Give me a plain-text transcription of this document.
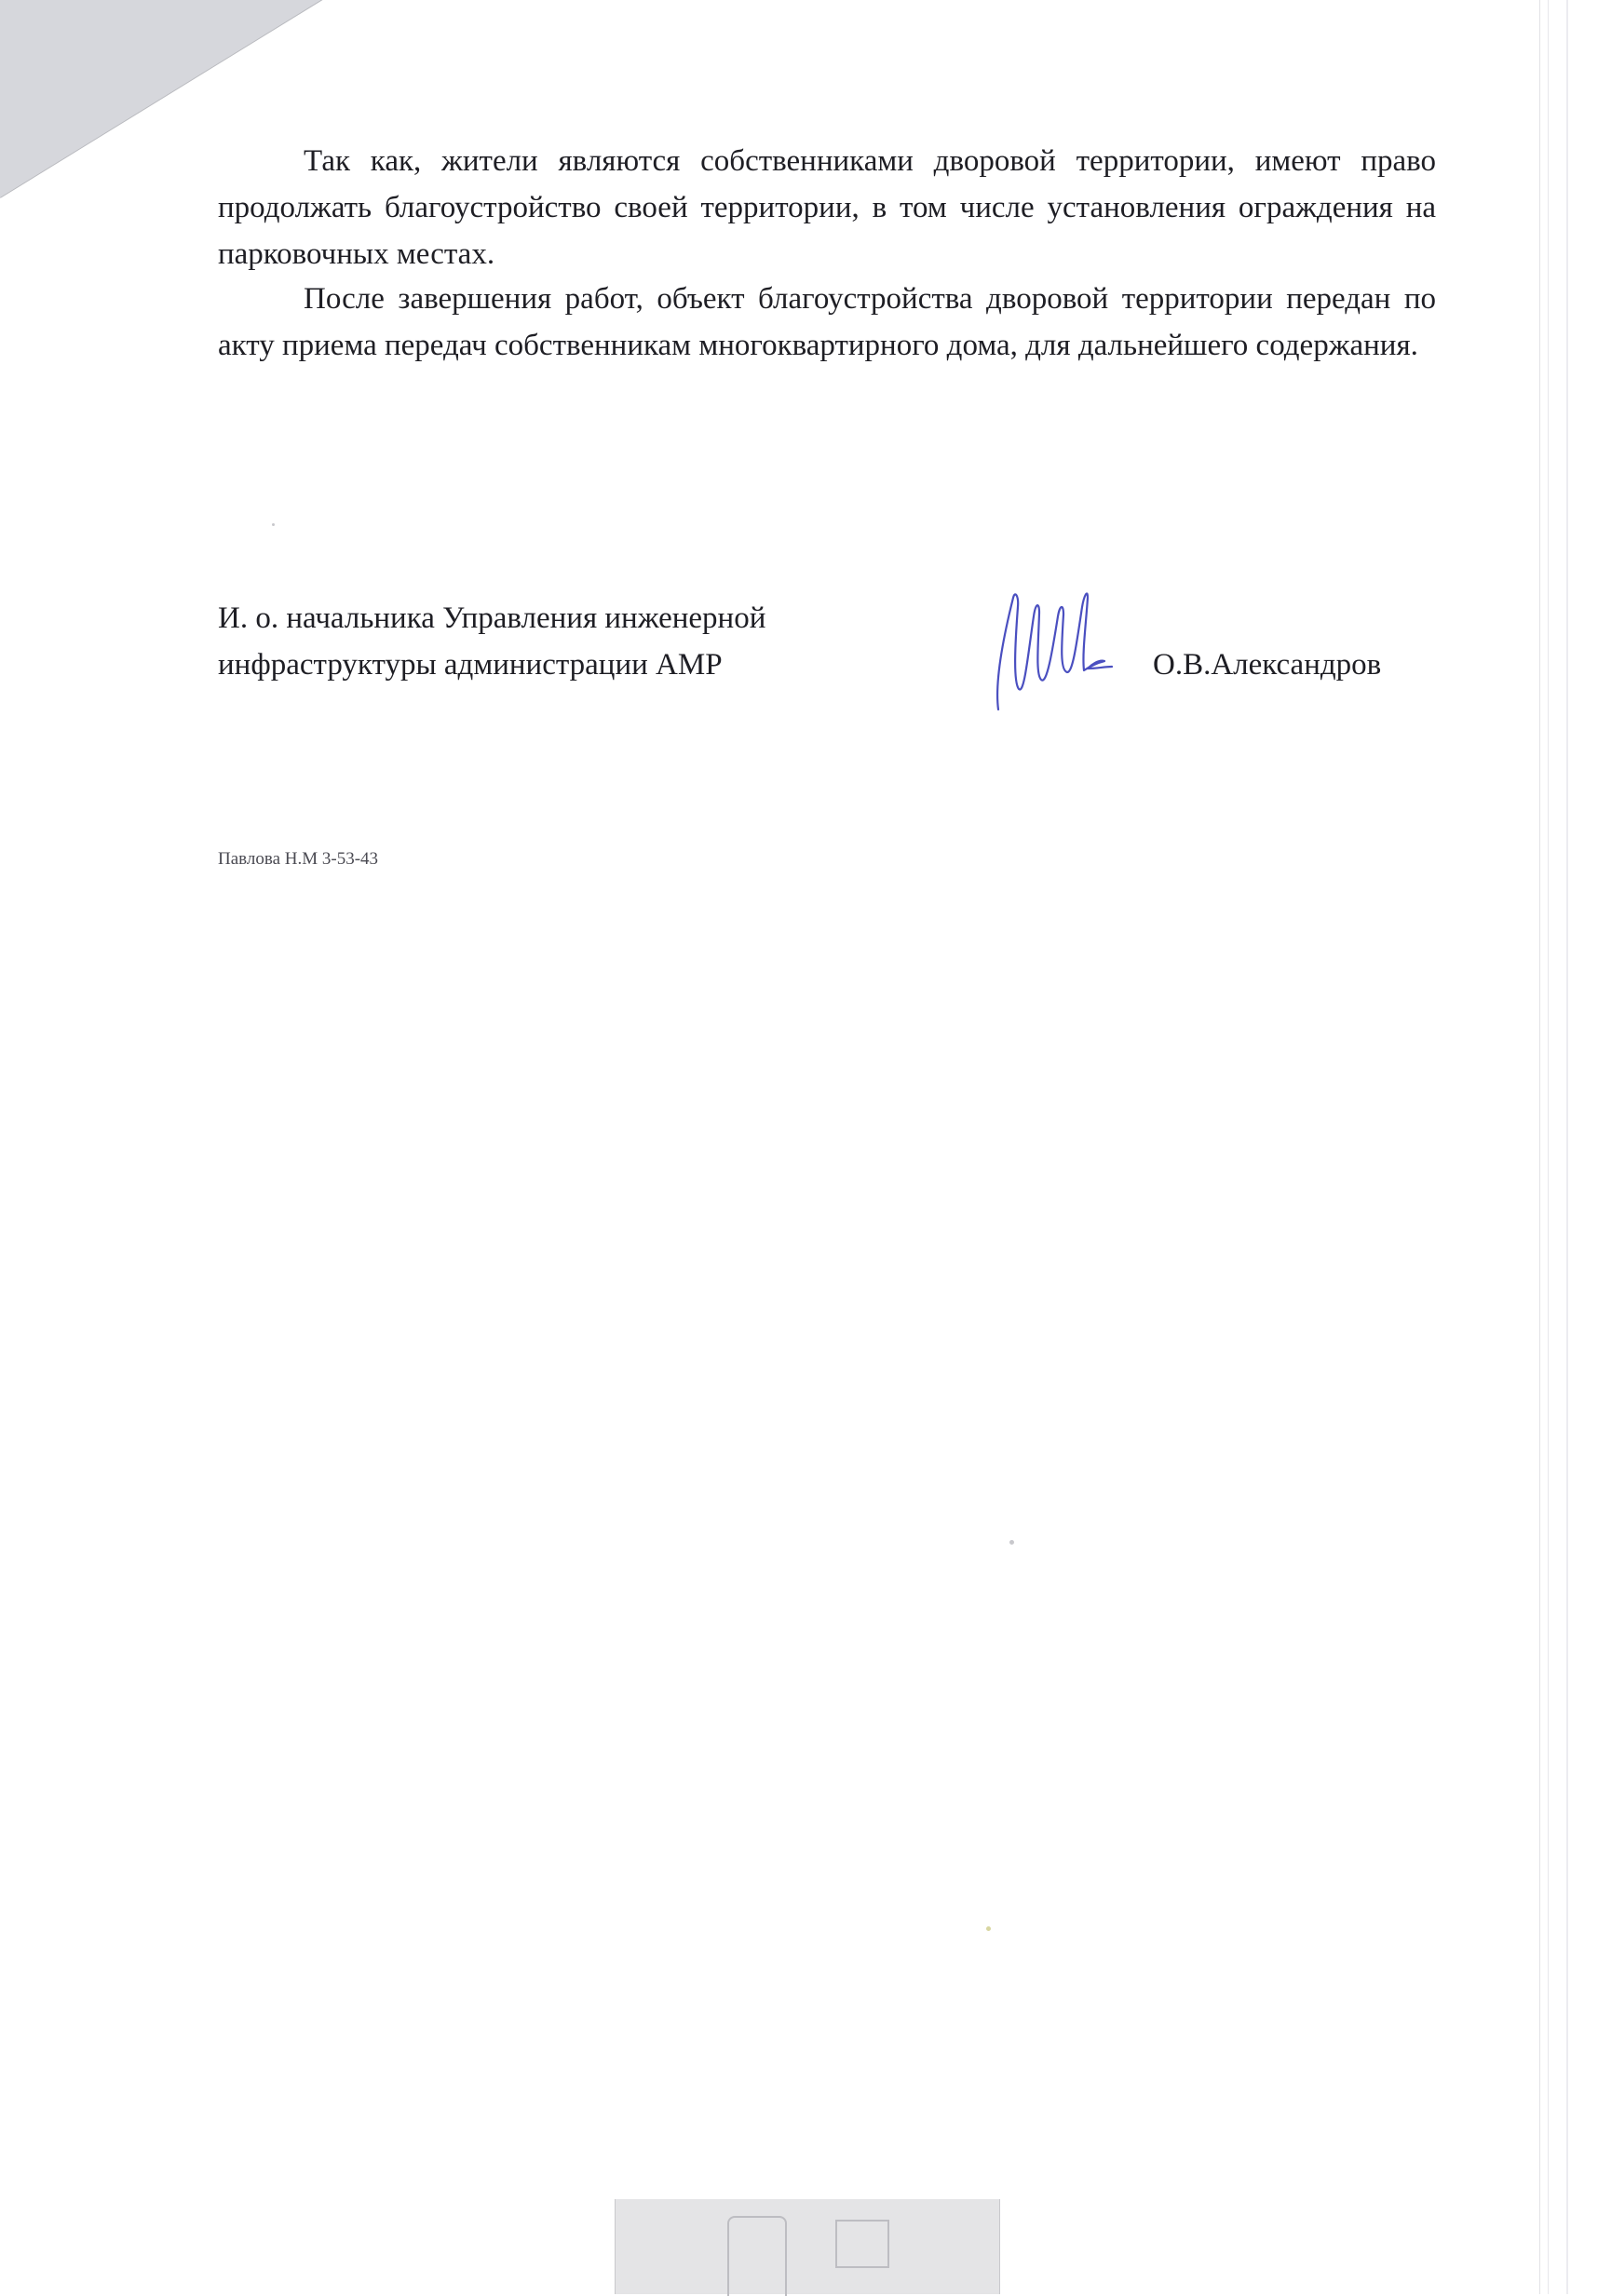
Так как, жители являются собственниками дворовой территории, имеют право продолжать благоустройство своей территории, в том числе установления ограждения на парковочных местах.

После завершения работ, объект благоустройства дворовой территории передан по акту приема передач собственникам многоквартирного дома, для дальнейшего содержания.

И. о. начальника Управления инженерной
инфраструктуры администрации АМР	О.В.Александров
Павлова Н.М 3-53-43
